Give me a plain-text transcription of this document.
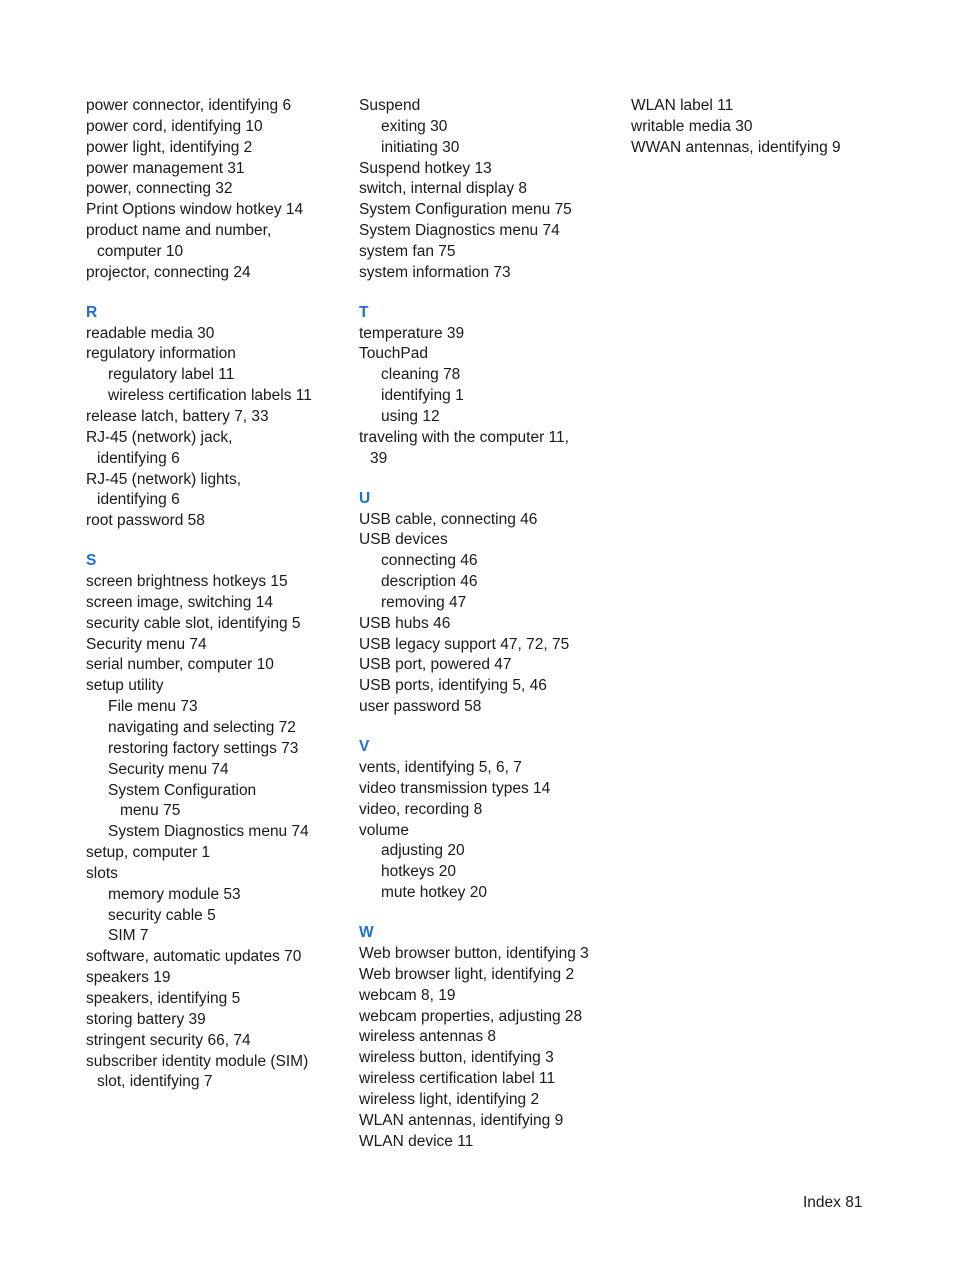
power connector, identifying 6
power cord, identifying 10
power light, identifying 2
power management 31
power, connecting 32
Print Options window hotkey 14
product name and number,
computer 10
projector, connecting 24
R
readable media 30
regulatory information
regulatory label 11
wireless certification labels 11
release latch, battery 7, 33
RJ-45 (network) jack,
identifying 6
RJ-45 (network) lights,
identifying 6
root password 58
S
screen brightness hotkeys 15
screen image, switching 14
security cable slot, identifying 5
Security menu 74
serial number, computer 10
setup utility
File menu 73
navigating and selecting 72
restoring factory settings 73
Security menu 74
System Configuration
menu 75
System Diagnostics menu 74
setup, computer 1
slots
memory module 53
security cable 5
SIM 7
software, automatic updates 70
speakers 19
speakers, identifying 5
storing battery 39
stringent security 66, 74
subscriber identity module (SIM)
slot, identifying 7
Suspend
exiting 30
initiating 30
Suspend hotkey 13
switch, internal display 8
System Configuration menu 75
System Diagnostics menu 74
system fan 75
system information 73
T
temperature 39
TouchPad
cleaning 78
identifying 1
using 12
traveling with the computer 11,
39
U
USB cable, connecting 46
USB devices
connecting 46
description 46
removing 47
USB hubs 46
USB legacy support 47, 72, 75
USB port, powered 47
USB ports, identifying 5, 46
user password 58
V
vents, identifying 5, 6, 7
video transmission types 14
video, recording 8
volume
adjusting 20
hotkeys 20
mute hotkey 20
W
Web browser button, identifying 3
Web browser light, identifying 2
webcam 8, 19
webcam properties, adjusting 28
wireless antennas 8
wireless button, identifying 3
wireless certification label 11
wireless light, identifying 2
WLAN antennas, identifying 9
WLAN device 11
WLAN label 11
writable media 30
WWAN antennas, identifying 9
Index 81
